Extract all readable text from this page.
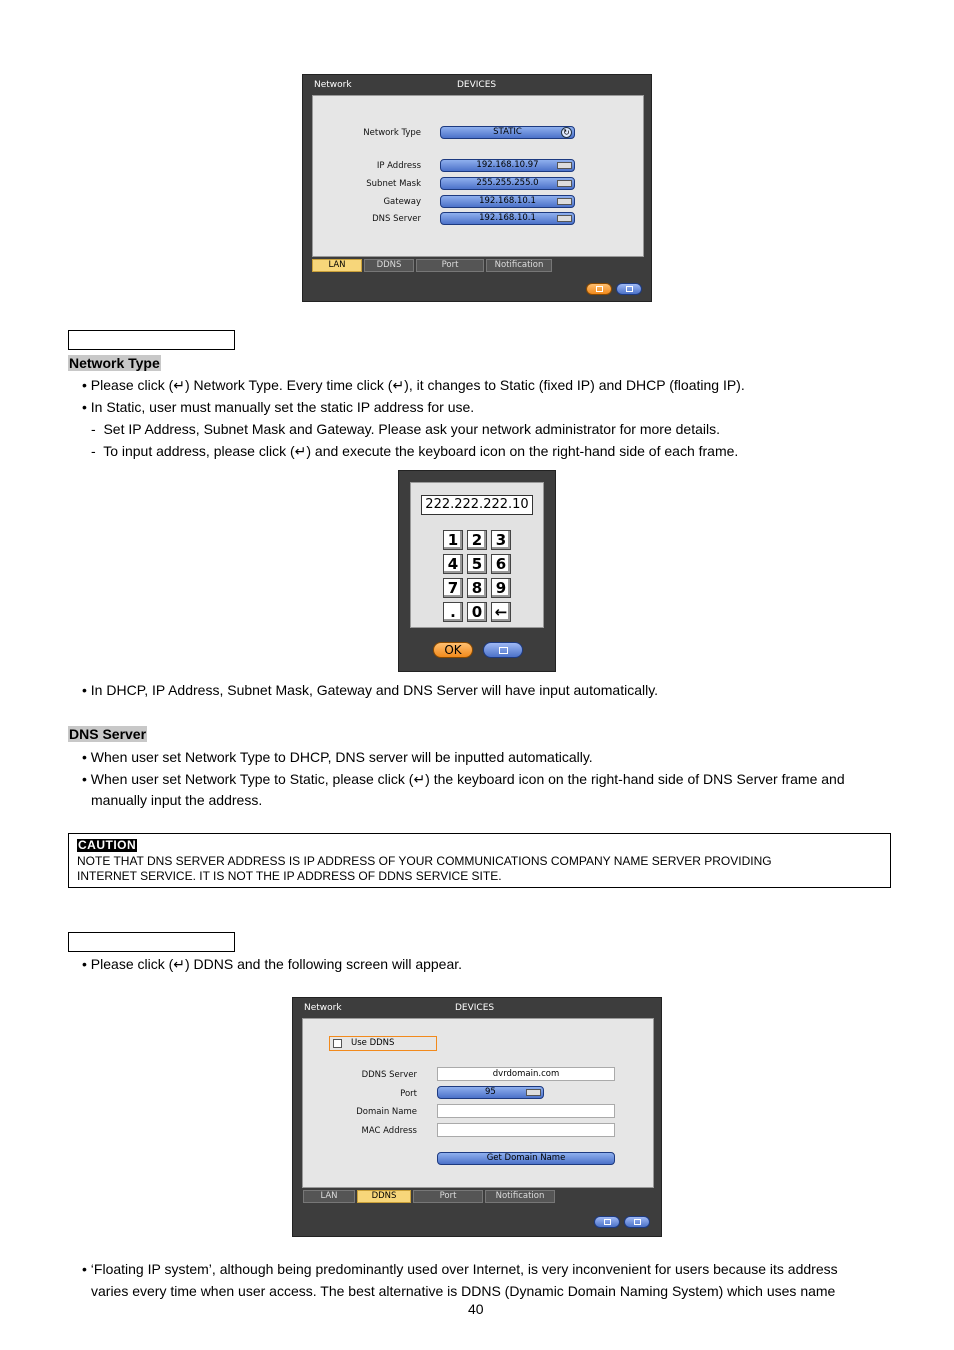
Network	DEVICES
Network Type	STATIC	↻
IP Address	192.168.10.97
Subnet Mask	255.255.255.0
Gateway	192.168.10.1
DNS Server	192.168.10.1
LAN	DDNS	Port	Notification
Network Type
• Please click (↵) Network Type. Every time click (↵), it changes to Static (fixed IP) and DHCP (floating IP).
• In Static, user must manually set the static IP address for use.
-  Set IP Address, Subnet Mask and Gateway. Please ask your network administrator for more details.
-  To input address, please click (↵) and execute the keyboard icon on the right-hand side of each frame.
222.222.222.10
1 2 3
4 5 6
7 8 9
.	0 ←
OK
• In DHCP, IP Address, Subnet Mask, Gateway and DNS Server will have input automatically.
DNS Server
• When user set Network Type to DHCP, DNS server will be inputted automatically.
• When user set Network Type to Static, please click (↵) the keyboard icon on the right-hand side of DNS Server frame and
manually input the address.
CAUTION
NOTE THAT DNS SERVER ADDRESS IS IP ADDRESS OF YOUR COMMUNICATIONS COMPANY NAME SERVER PROVIDING
INTERNET SERVICE. IT IS NOT THE IP ADDRESS OF DDNS SERVICE SITE.
• Please click (↵) DDNS and the following screen will appear.
Network	DEVICES
Use DDNS
DDNS Server	dvrdomain.com
Port	95
Domain Name
MAC Address
Get Domain Name
LAN	DDNS	Port	Notification
• ‘Floating IP system’, although being predominantly used over Internet, is very inconvenient for users because its address
varies every time when user access. The best alternative is DDNS (Dynamic Domain Naming System) which uses name
40
